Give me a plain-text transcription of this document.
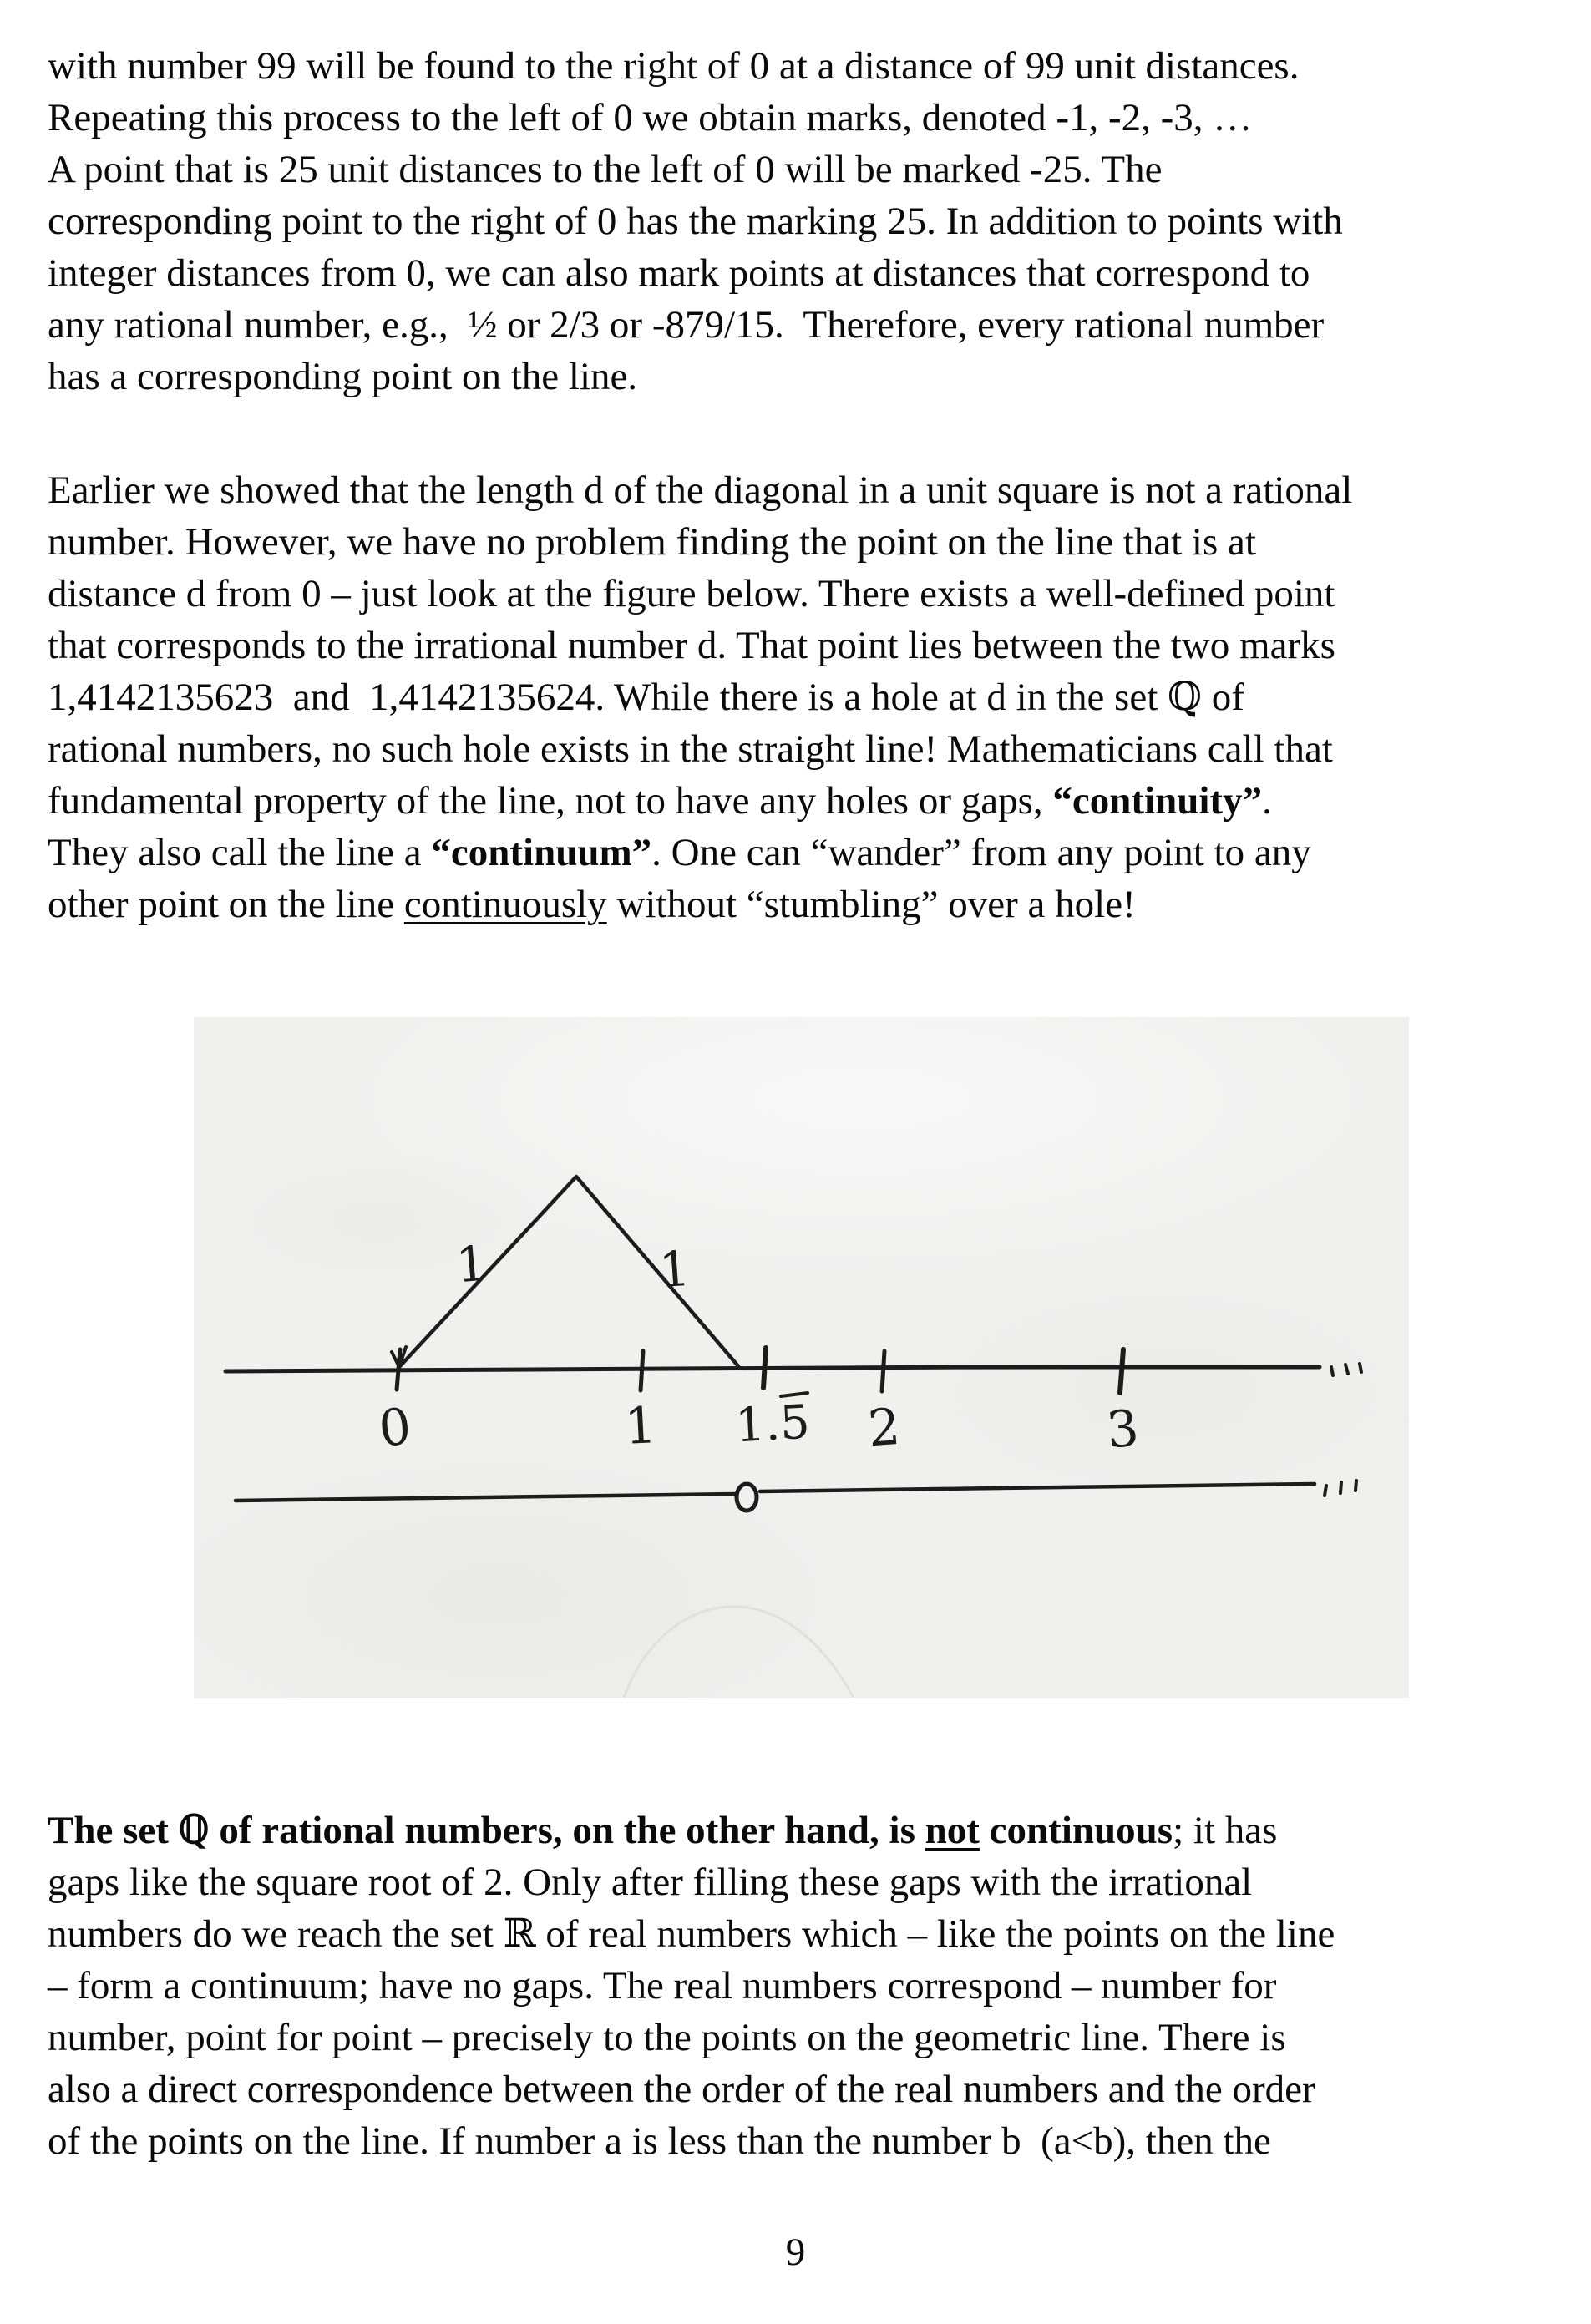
with number 99 will be found to the right of 0 at a distance of 99 unit distances.
Repeating this process to the left of 0 we obtain marks, denoted -1, -2, -3, …
A point that is 25 unit distances to the left of 0 will be marked -25. The
corresponding point to the right of 0 has the marking 25. In addition to points with
integer distances from 0, we can also mark points at distances that correspond to
any rational number, e.g.,  ½ or 2/3 or -879/15.  Therefore, every rational number
has a corresponding point on the line.
Earlier we showed that the length d of the diagonal in a unit square is not a rational
number. However, we have no problem finding the point on the line that is at
distance d from 0 – just look at the figure below. There exists a well-defined point
that corresponds to the irrational number d. That point lies between the two marks
1,4142135623  and  1,4142135624. While there is a hole at d in the set ℚ of
rational numbers, no such hole exists in the straight line! Mathematicians call that
fundamental property of the line, not to have any holes or gaps, “continuity”.
They also call the line a “continuum”. One can “wander” from any point to any
other point on the line continuously without “stumbling” over a hole!
1	1
0	1 1.5 2	3
The set ℚ of rational numbers, on the other hand, is not continuous; it has
gaps like the square root of 2. Only after filling these gaps with the irrational
numbers do we reach the set ℝ of real numbers which – like the points on the line
– form a continuum; have no gaps. The real numbers correspond – number for
number, point for point – precisely to the points on the geometric line. There is
also a direct correspondence between the order of the real numbers and the order
of the points on the line. If number a is less than the number b  (a<b), then the
9
